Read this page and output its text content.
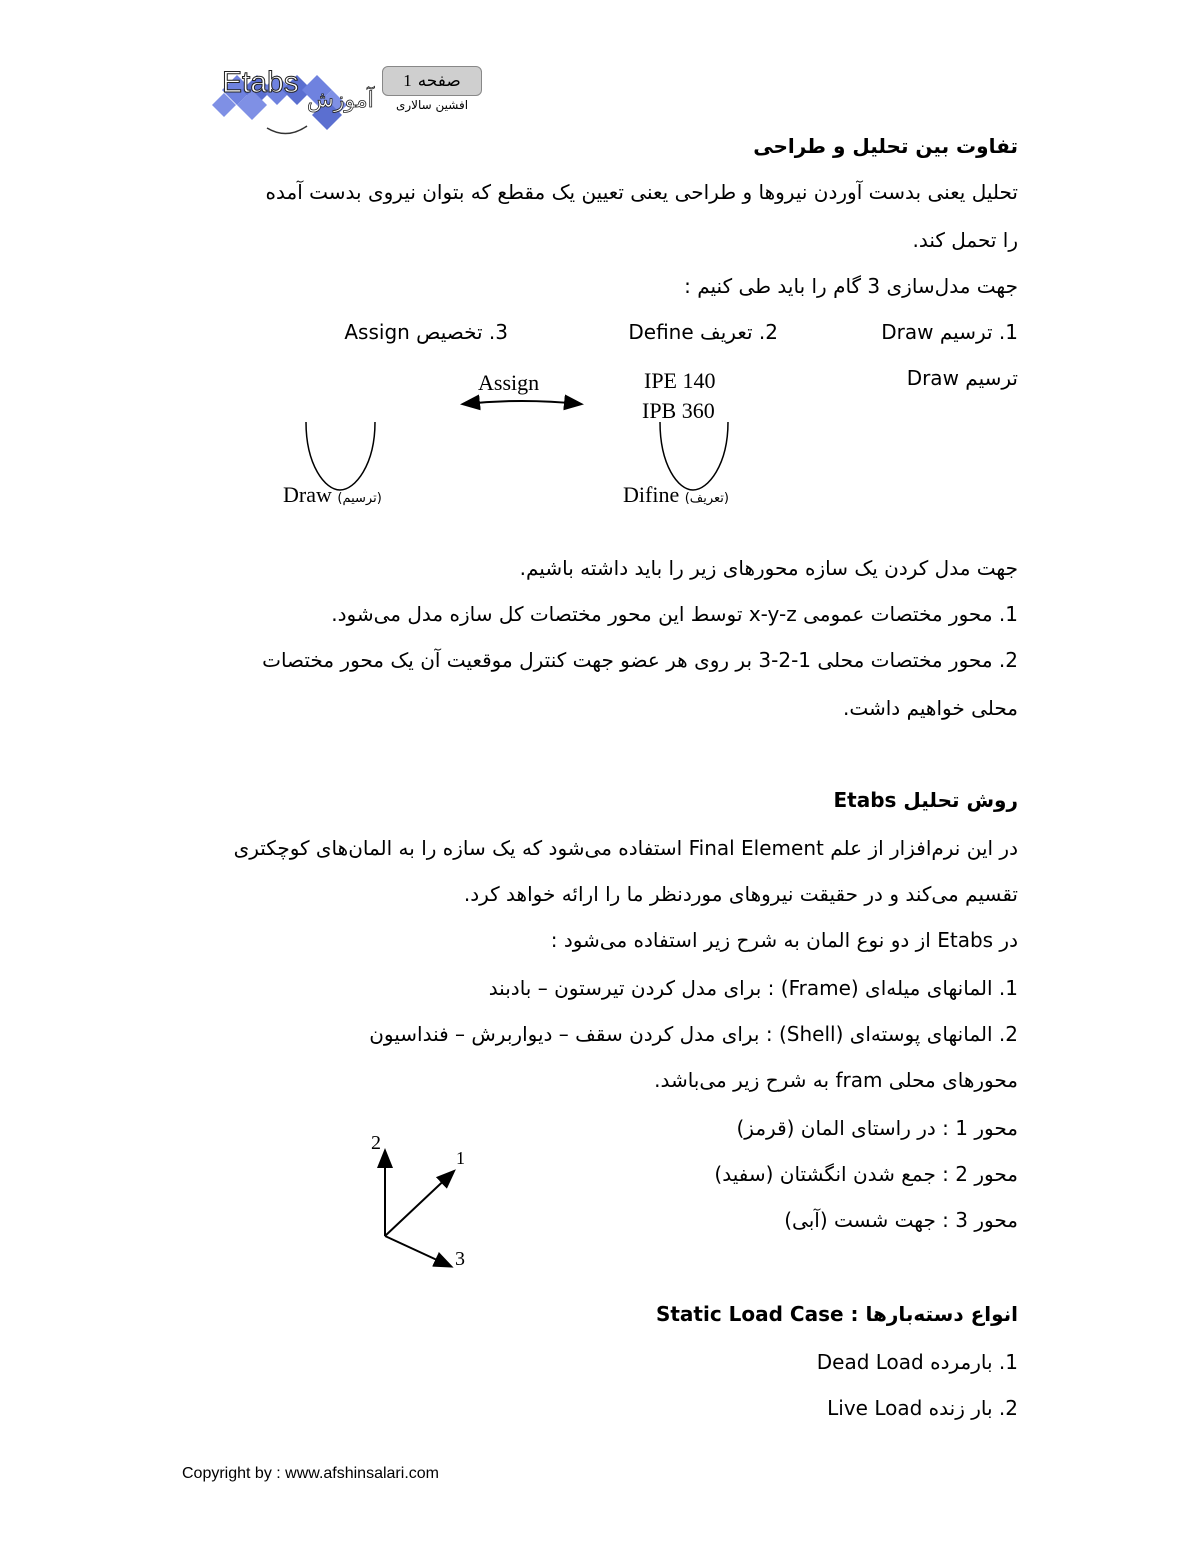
Etabs
آموزش
صفحه
1
افشین سالاری
تفاوت بین تحلیل و طراحی
تحلیل یعنی بدست آوردن نیروها و طراحی یعنی تعیین یک مقطع که بتوان نیروی بدست آمده
را تحمل کند.
جهت مدل‌سازی 3 گام را باید طی کنیم :
1. ترسیم Draw
2. تعریف Define
3. تخصیص Assign
ترسیم Draw
Assign	IPE 140
IPB 360
Draw (ترسیم)	Difine (تعریف)
جهت مدل کردن یک سازه محورهای زیر را باید داشته باشیم.
1. محور مختصات عمومی x-y-z توسط این محور مختصات کل سازه مدل می‌شود.
2. محور مختصات محلی 1-2-3 بر روی هر عضو جهت کنترل موقعیت آن یک محور مختصات
محلی خواهیم داشت.
روش تحلیل Etabs
در این نرم‌افزار از علم Final Element استفاده می‌شود که یک سازه را به المان‌های کوچکتری
تقسیم می‌کند و در حقیقت نیروهای موردنظر ما را ارائه خواهد کرد.
در Etabs از دو نوع المان به شرح زیر استفاده می‌شود :
1. المانهای میله‌ای (Frame) : برای مدل کردن تیرستون – بادبند
2. المانهای پوسته‌ای (Shell) : برای مدل کردن سقف – دیواربرش – فنداسیون
محورهای محلی fram به شرح زیر می‌باشد.
محور 1 : در راستای المان (قرمز)
محور 2 : جمع شدن انگشتان (سفید)
محور 3 : جهت شست (آبی)
2
1
3
انواع دسته‌بارها : Static Load Case
1. بارمرده Dead Load
2. بار زنده Live Load
Copyright by : www.afshinsalari.com
